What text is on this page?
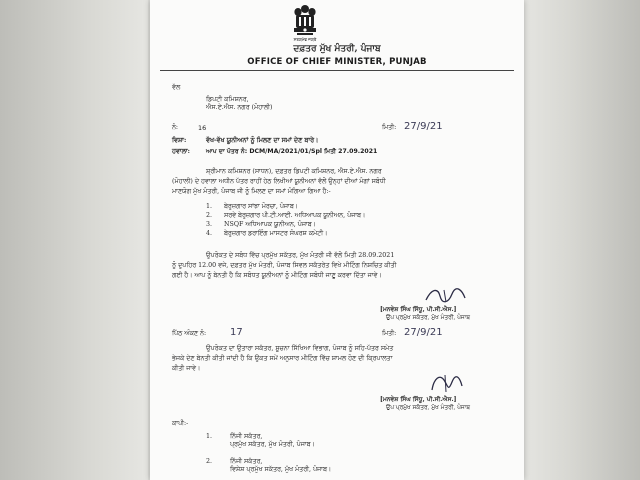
ਸਤਯਮੇਵ ਜਯਤੇ
ਦਫ਼ਤਰ ਮੁੱਖ ਮੰਤਰੀ, ਪੰਜਾਬ
OFFICE OF CHIEF MINISTER, PUNJAB
ਵੱਲ
ਡਿਪਟੀ ਕਮਿਸ਼ਨਰ,
ਐਸ.ਏ.ਐਸ. ਨਗਰ (ਮੋਹਾਲੀ)
ਨੰ:	16	ਮਿਤੀ: 27/9/21
ਵਿਸ਼ਾ:	ਵੱਖ-ਵੱਖ ਯੂਨੀਅਨਾਂ ਨੂੰ ਮਿਲਣ ਦਾ ਸਮਾਂ ਦੇਣ ਬਾਰੇ।
ਹਵਾਲਾ:	ਆਪ ਦਾ ਪੱਤਰ ਨੰ: DCM/MA/2021/01/Spl ਮਿਤੀ 27.09.2021
ਸ਼੍ਰੀਮਾਨ ਕਮਿਸ਼ਨਰ (ਸਾਧਨ), ਦਫ਼ਤਰ ਡਿਪਟੀ ਕਮਿਸ਼ਨਰ, ਐਸ.ਏ.ਐਸ. ਨਗਰ
(ਮੋਹਾਲੀ) ਦੇ ਹਵਾਲਾ ਅਧੀਨ ਪੱਤਰ ਰਾਹੀਂ ਹੇਠ ਲਿਖੀਆਂ ਯੂਨੀਅਨਾਂ ਵੱਲੋਂ ਉਨ੍ਹਾਂ ਦੀਆਂ ਮੰਗਾਂ ਸਬੰਧੀ
ਮਾਣਯੋਗ ਮੁੱਖ ਮੰਤਰੀ, ਪੰਜਾਬ ਜੀ ਨੂੰ ਮਿਲਣ ਦਾ ਸਮਾਂ ਮੰਗਿਆ ਗਿਆ ਹੈ:-
1. ਬੇਰੁਜ਼ਗਾਰ ਸਾਂਝਾ ਮੋਰਚਾ, ਪੰਜਾਬ।
2. ਸਰਵੇ ਬੇਰੁਜ਼ਗਾਰ ਪੀ.ਟੀ.ਆਈ. ਅਧਿਆਪਕ ਯੂਨੀਅਨ, ਪੰਜਾਬ।
3. NSQF ਅਧਿਆਪਕ ਯੂਨੀਅਨ, ਪੰਜਾਬ।
4. ਬੇਰੁਜ਼ਗਾਰ ਡਰਾਇੰਗ ਮਾਸਟਰ ਸੰਘਰਸ਼ ਕਮੇਟੀ।
ਉਪਰੋਕਤ ਦੇ ਸਬੰਧ ਵਿੱਚ ਪ੍ਰਮੁੱਖ ਸਕੱਤਰ, ਮੁੱਖ ਮੰਤਰੀ ਜੀ ਵੱਲੋਂ ਮਿਤੀ 28.09.2021
ਨੂੰ ਦੁਪਹਿਰ 12.00 ਵਜੇ, ਦਫ਼ਤਰ ਮੁੱਖ ਮੰਤਰੀ, ਪੰਜਾਬ ਸਿਵਲ ਸਕੱਤਰੇਤ ਵਿਖੇ ਮੀਟਿੰਗ ਨਿਸ਼ਚਿਤ ਕੀਤੀ
ਗਈ ਹੈ। ਆਪ ਨੂੰ ਬੇਨਤੀ ਹੈ ਕਿ ਸਬੰਧਤ ਯੂਨੀਅਨਾਂ ਨੂੰ ਮੀਟਿੰਗ ਸਬੰਧੀ ਜਾਣੂ ਕਰਵਾ ਦਿੱਤਾ ਜਾਵੇ।
[ਮਨਵੇਸ਼ ਸਿੰਘ ਸਿੱਧੂ, ਪੀ.ਸੀ.ਐਸ.]
ਉਪ ਪ੍ਰਮੁੱਖ ਸਕੱਤਰ, ਮੁੱਖ ਮੰਤਰੀ, ਪੰਜਾਬ
ਪਿੱਠ ਅੰਕਣ ਨੰ: 17	ਮਿਤੀ: 27/9/21
ਉਪਰੋਕਤ ਦਾ ਉਤਾਰਾ ਸਕੱਤਰ, ਸੂਚਨਾ ਸਿੱਖਿਆ ਵਿਭਾਗ, ਪੰਜਾਬ ਨੂੰ ਸਹਿ-ਪੱਤਰ ਸਮੇਤ
ਭੇਜਕੇ ਦੇਣ ਬੇਨਤੀ ਕੀਤੀ ਜਾਂਦੀ ਹੈ ਕਿ ਉਕਤ ਸਮੇਂ ਅਨੁਸਾਰ ਮੀਟਿੰਗ ਵਿੱਚ ਸ਼ਾਮਲ ਹੋਣ ਦੀ ਕ੍ਰਿਪਾਲਤਾ
ਕੀਤੀ ਜਾਵੇ।
[ਮਨਵੇਸ਼ ਸਿੰਘ ਸਿੱਧੂ, ਪੀ.ਸੀ.ਐਸ.]
ਉਪ ਪ੍ਰਮੁੱਖ ਸਕੱਤਰ, ਮੁੱਖ ਮੰਤਰੀ, ਪੰਜਾਬ
ਕਾਪੀ:-
1.	ਨਿੱਜੀ ਸਕੱਤਰ,
ਪ੍ਰਮੁੱਖ ਸਕੱਤਰ, ਮੁੱਖ ਮੰਤਰੀ, ਪੰਜਾਬ।
2.	ਨਿੱਜੀ ਸਕੱਤਰ,
ਵਿਸ਼ੇਸ਼ ਪ੍ਰਮੁੱਖ ਸਕੱਤਰ, ਮੁੱਖ ਮੰਤਰੀ, ਪੰਜਾਬ।
